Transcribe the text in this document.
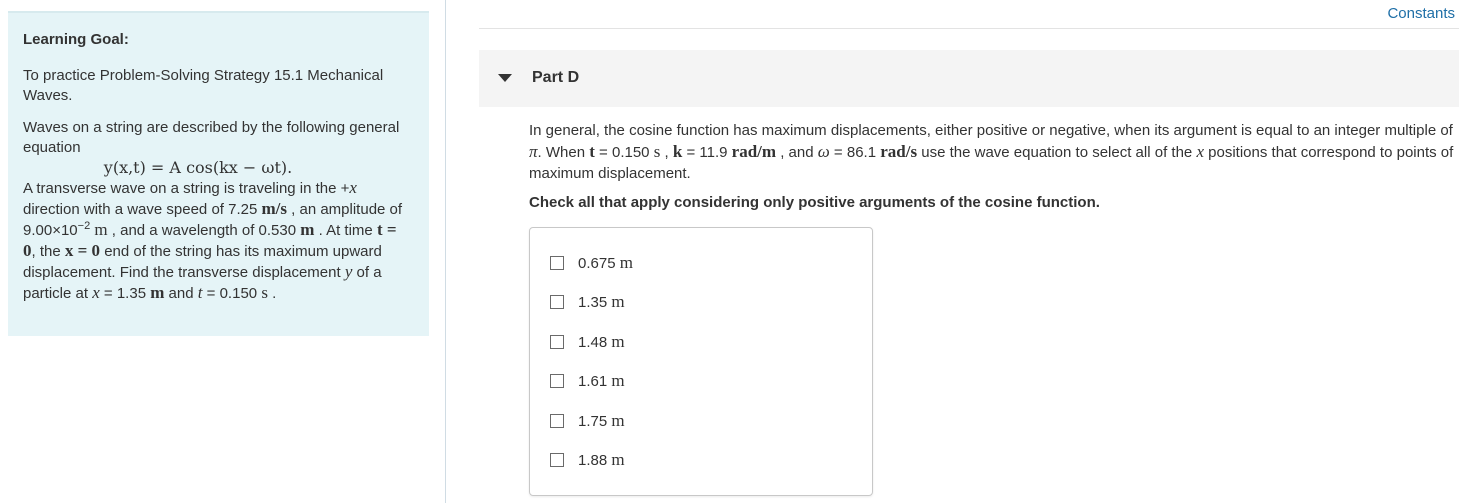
Learning Goal:

To practice Problem-Solving Strategy 15.1 Mechanical Waves.

Waves on a string are described by the following general equation

y(x,t) = A cos(kx − ωt).

A transverse wave on a string is traveling in the +x direction with a wave speed of 7.25 m/s , an amplitude of $9.00\times 10^{-2}$ m , and a wavelength of 0.530 m . At time t = 0, the x = 0 end of the string has its maximum upward displacement. Find the transverse displacement y of a particle at x = 1.35 m and t = 0.150 s .

Constants
Part D
In general, the cosine function has maximum displacements, either positive or negative, when its argument is equal to an integer multiple of π. When t = 0.150 s , k = 11.9 rad/m , and ω = 86.1 rad/s use the wave equation to select all of the x positions that correspond to points of maximum displacement.
Check all that apply considering only positive arguments of the cosine function.
0.675 m
1.35 m
1.48 m
1.61 m
1.75 m
1.88 m
